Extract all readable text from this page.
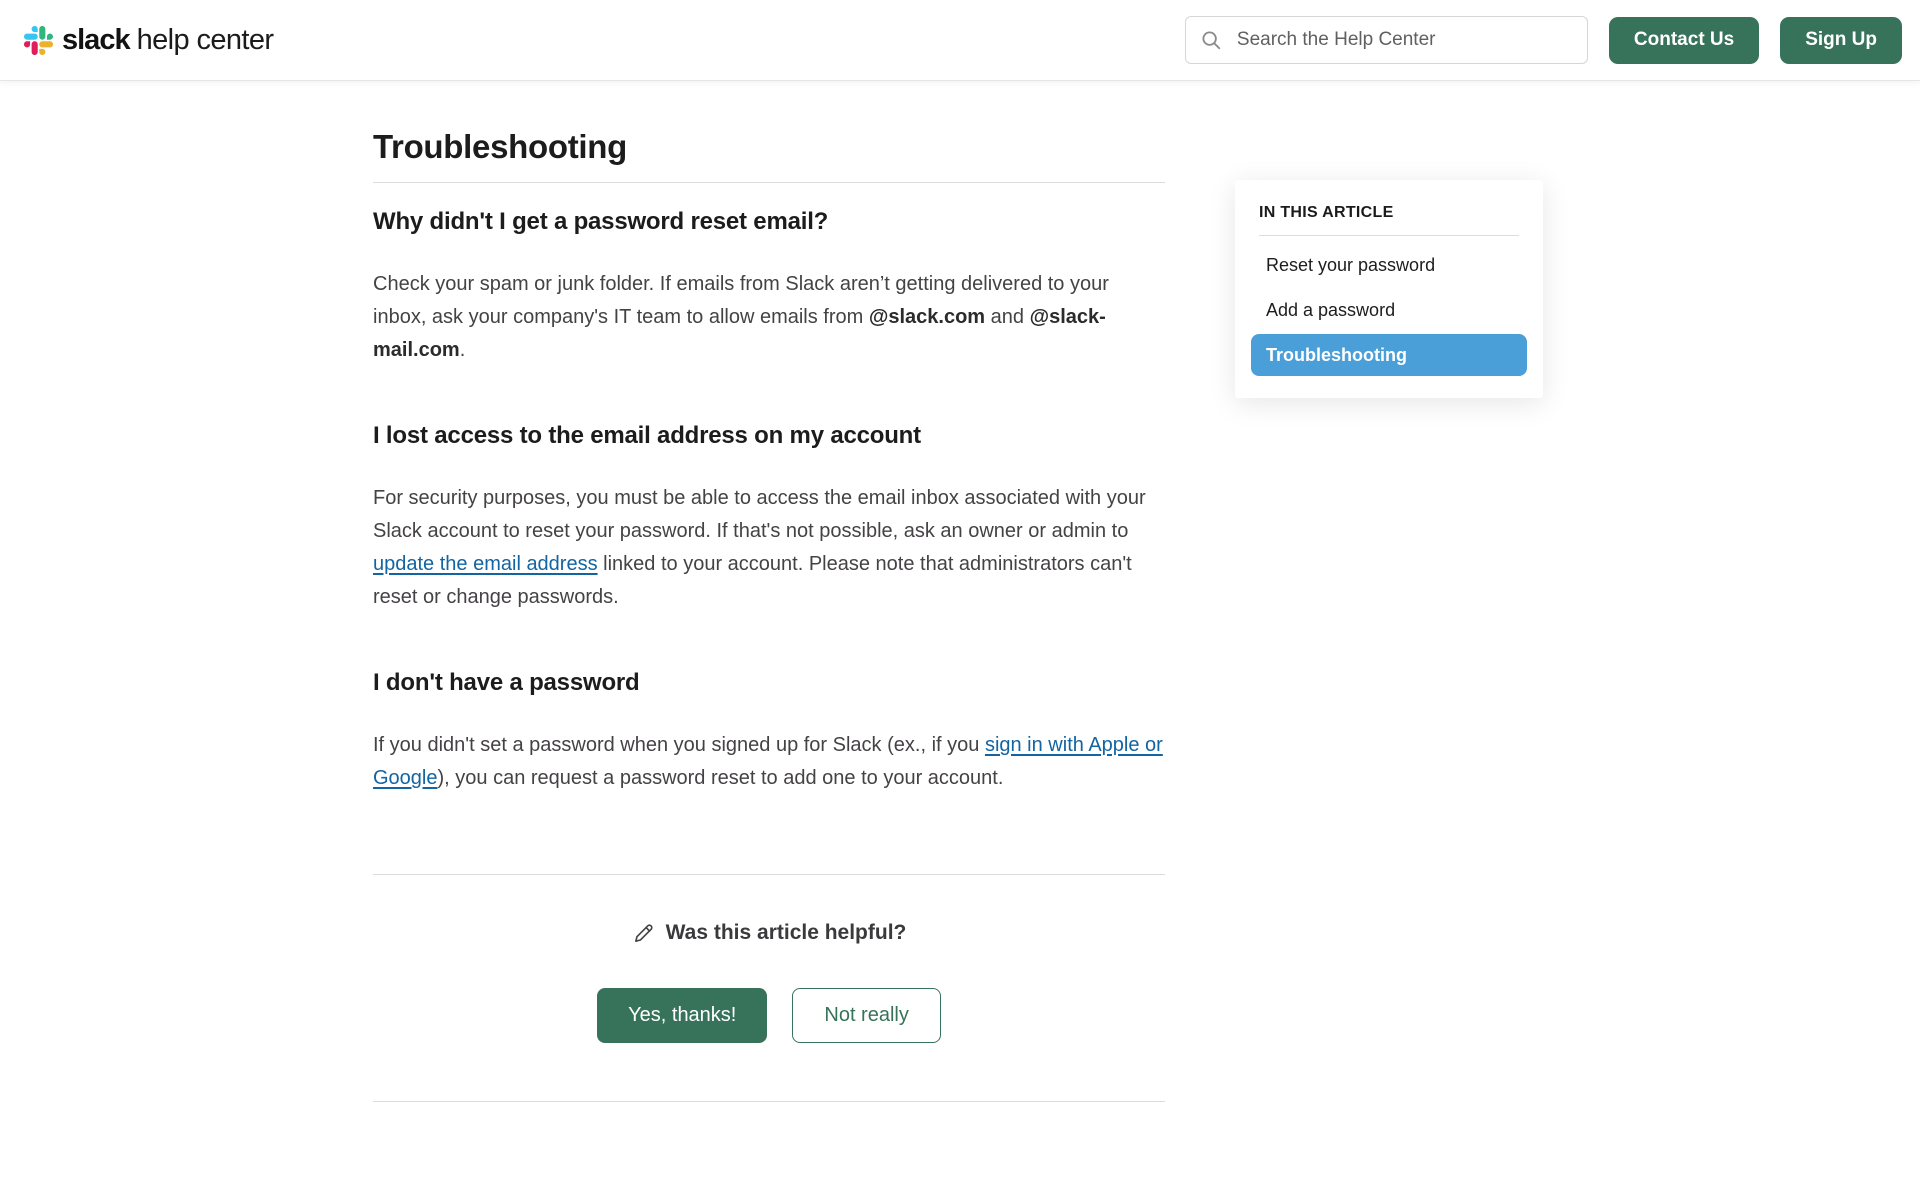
slack help center
Search the Help Center	Contact Us	Sign Up
Troubleshooting
Why didn't I get a password reset email?

Check your spam or junk folder. If emails from Slack aren’t getting delivered to your inbox, ask your company's IT team to allow emails from @slack.com and @slack-mail.com.

I lost access to the email address on my account

For security purposes, you must be able to access the email inbox associated with your Slack account to reset your password. If that's not possible, ask an owner or admin to update the email address linked to your account. Please note that administrators can't reset or change passwords.

I don't have a password

If you didn't set a password when you signed up for Slack (ex., if you sign in with Apple or Google), you can request a password reset to add one to your account.

Was this article helpful?
Yes, thanks!	Not really
IN THIS ARTICLE
Reset your password
Add a password
Troubleshooting
